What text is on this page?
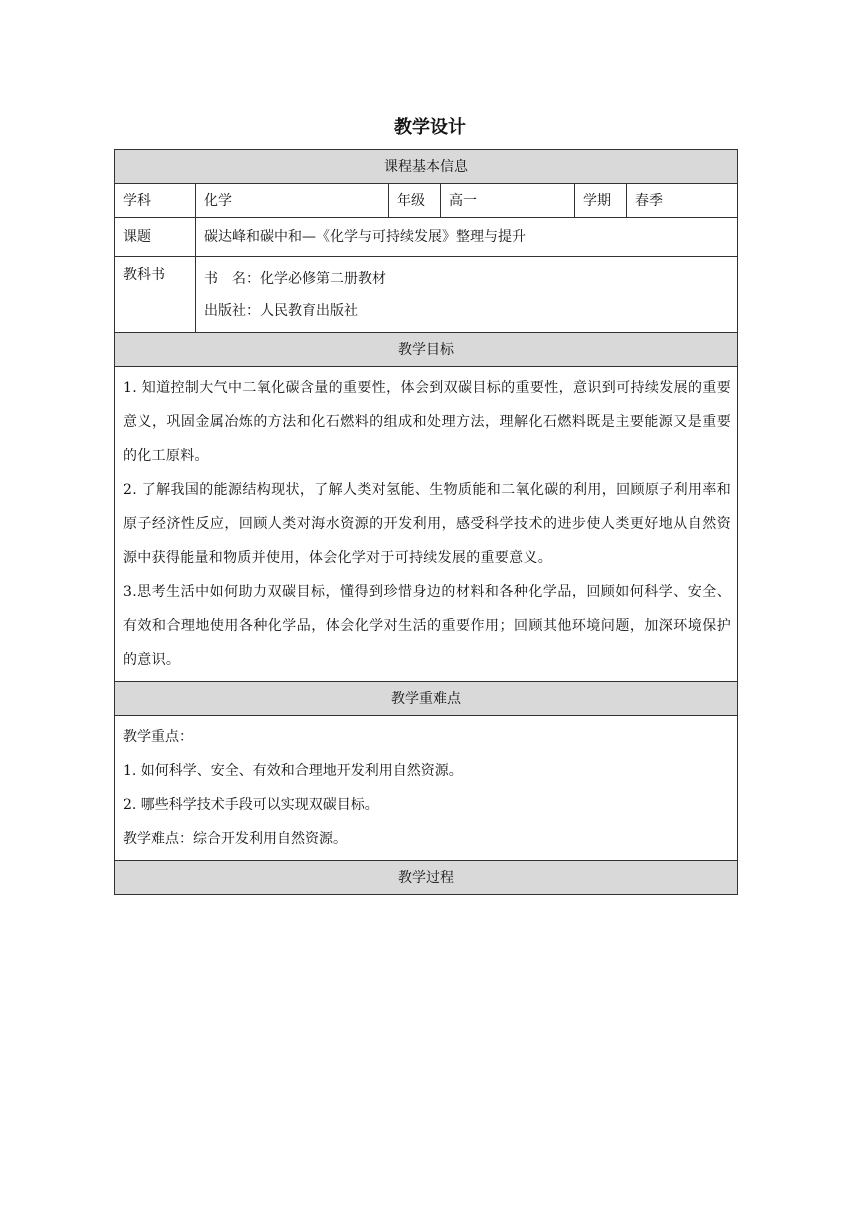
教学设计
课程基本信息					
学科	化学	年级	高一	学期	春季
课题	碳达峰和碳中和—《化学与可持续发展》整理与提升				
教科书	书　名：化学必修第二册教材
出版社：人民教育出版社				

教学目标					

1. 知道控制大气中二氧化碳含量的重要性，体会到双碳目标的重要性，意识到可持续发展的重要意义，巩固金属冶炼的方法和化石燃料的组成和处理方法，理解化石燃料既是主要能源又是重要的化工原料。

2. 了解我国的能源结构现状，了解人类对氢能、生物质能和二氧化碳的利用，回顾原子利用率和原子经济性反应，回顾人类对海水资源的开发利用，感受科学技术的进步使人类更好地从自然资源中获得能量和物质并使用，体会化学对于可持续发展的重要意义。

3.思考生活中如何助力双碳目标，懂得到珍惜身边的材料和各种化学品，回顾如何科学、安全、有效和合理地使用各种化学品，体会化学对生活的重要作用；回顾其他环境问题，加深环境保护的意识。					

教学重难点					

教学重点：

1. 如何科学、安全、有效和合理地开发利用自然资源。

2. 哪些科学技术手段可以实现双碳目标。

教学难点：综合开发利用自然资源。					

教学过程					
